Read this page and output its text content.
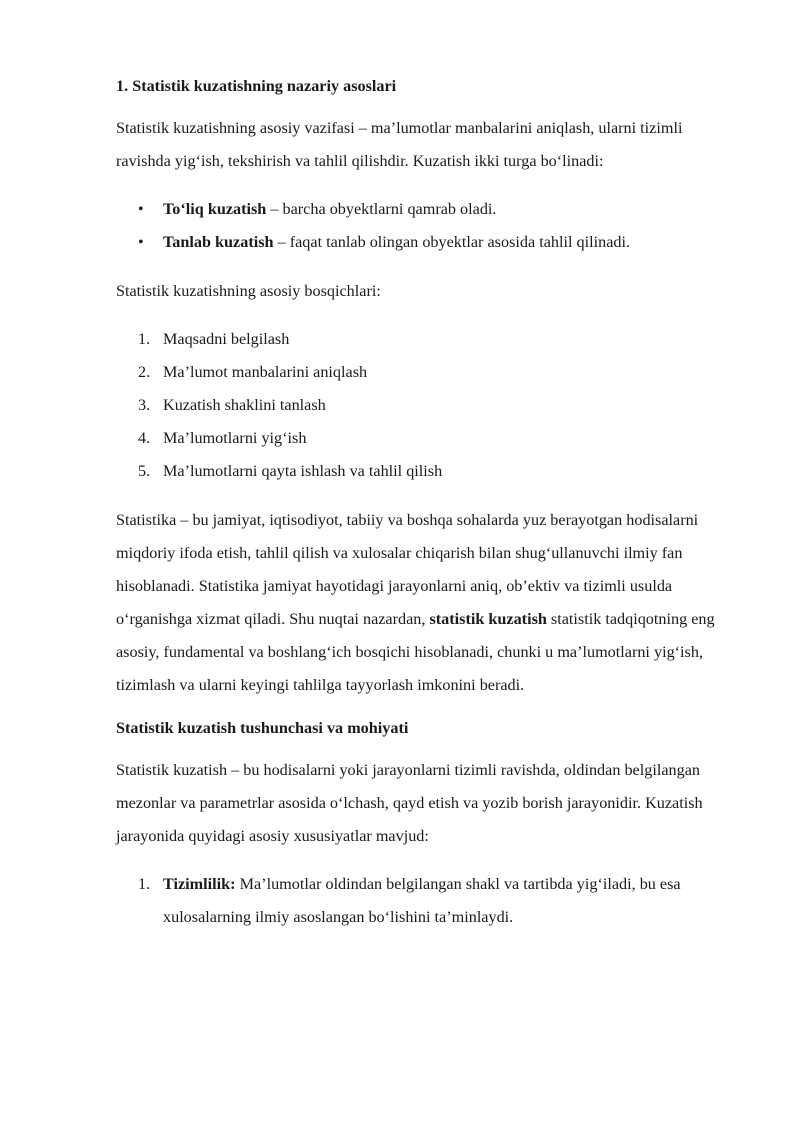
1. Statistik kuzatishning nazariy asoslari

Statistik kuzatishning asosiy vazifasi – ma’lumotlar manbalarini aniqlash, ularni tizimli ravishda yig‘ish, tekshirish va tahlil qilishdir. Kuzatish ikki turga bo‘linadi:

• To‘liq kuzatish – barcha obyektlarni qamrab oladi.
• Tanlab kuzatish – faqat tanlab olingan obyektlar asosida tahlil qilinadi.

Statistik kuzatishning asosiy bosqichlari:

1. Maqsadni belgilash
2. Ma’lumot manbalarini aniqlash
3. Kuzatish shaklini tanlash
4. Ma’lumotlarni yig‘ish
5. Ma’lumotlarni qayta ishlash va tahlil qilish

Statistika – bu jamiyat, iqtisodiyot, tabiiy va boshqa sohalarda yuz berayotgan hodisalarni miqdoriy ifoda etish, tahlil qilish va xulosalar chiqarish bilan shug‘ullanuvchi ilmiy fan hisoblanadi. Statistika jamiyat hayotidagi jarayonlarni aniq, ob’ektiv va tizimli usulda o‘rganishga xizmat qiladi. Shu nuqtai nazardan, statistik kuzatish statistik tadqiqotning eng asosiy, fundamental va boshlang‘ich bosqichi hisoblanadi, chunki u ma’lumotlarni yig‘ish, tizimlash va ularni keyingi tahlilga tayyorlash imkonini beradi.

Statistik kuzatish tushunchasi va mohiyati

Statistik kuzatish – bu hodisalarni yoki jarayonlarni tizimli ravishda, oldindan belgilangan mezonlar va parametrlar asosida o‘lchash, qayd etish va yozib borish jarayonidir. Kuzatish jarayonida quyidagi asosiy xususiyatlar mavjud:

1. Tizimlilik: Ma’lumotlar oldindan belgilangan shakl va tartibda yig‘iladi, bu esa xulosalarning ilmiy asoslangan bo‘lishini ta’minlaydi.
